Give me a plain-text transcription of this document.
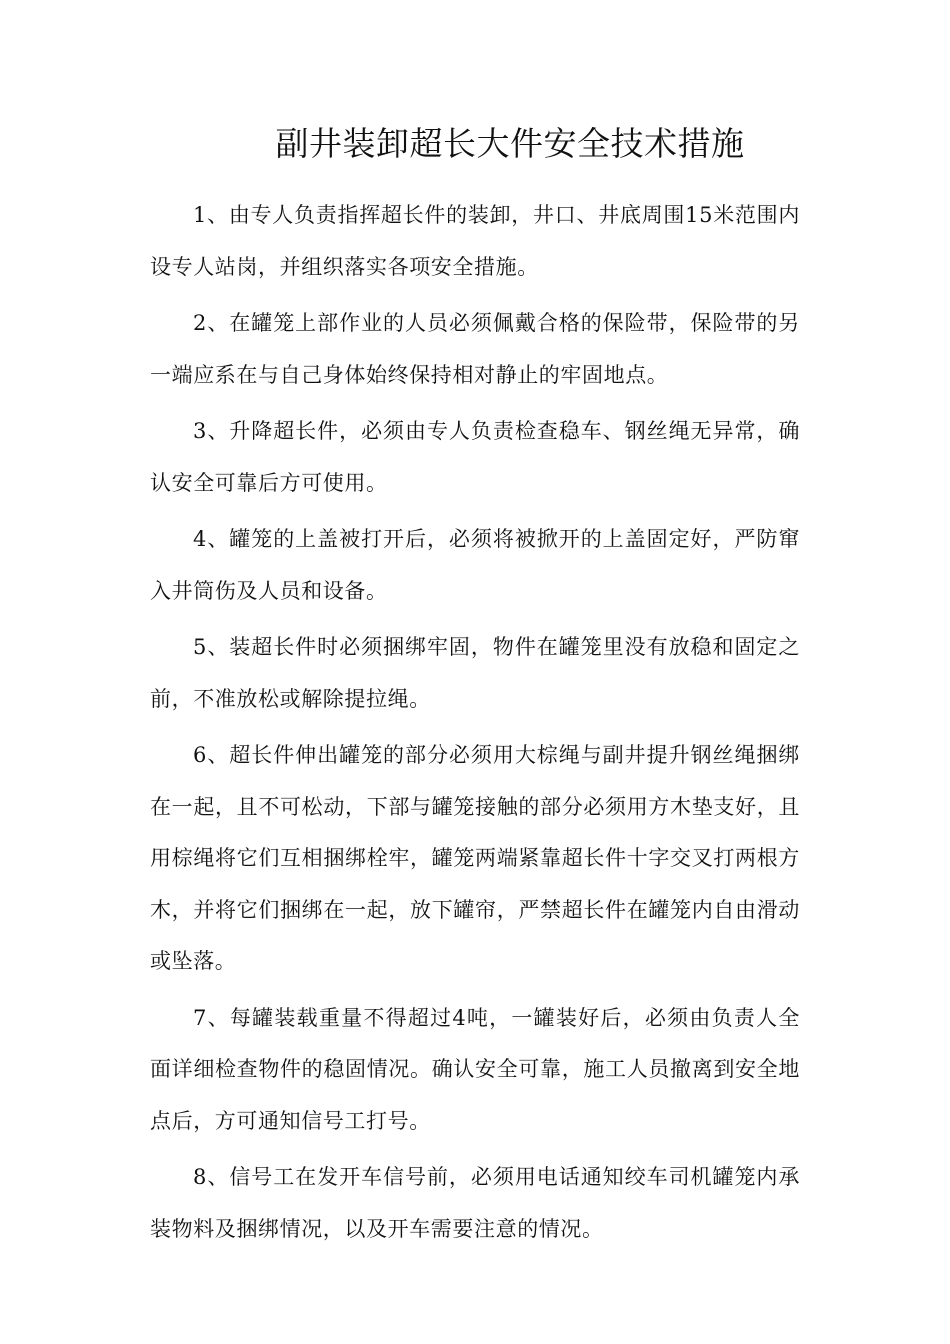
副井装卸超长大件安全技术措施

1、由专人负责指挥超长件的装卸，井口、井底周围15米范围内设专人站岗，并组织落实各项安全措施。

2、在罐笼上部作业的人员必须佩戴合格的保险带，保险带的另一端应系在与自己身体始终保持相对静止的牢固地点。

3、升降超长件，必须由专人负责检查稳车、钢丝绳无异常，确认安全可靠后方可使用。

4、罐笼的上盖被打开后，必须将被掀开的上盖固定好，严防窜入井筒伤及人员和设备。

5、装超长件时必须捆绑牢固，物件在罐笼里没有放稳和固定之前，不准放松或解除提拉绳。

6、超长件伸出罐笼的部分必须用大棕绳与副井提升钢丝绳捆绑在一起，且不可松动，下部与罐笼接触的部分必须用方木垫支好，且用棕绳将它们互相捆绑栓牢，罐笼两端紧靠超长件十字交叉打两根方木，并将它们捆绑在一起，放下罐帘，严禁超长件在罐笼内自由滑动或坠落。

7、每罐装载重量不得超过4吨，一罐装好后，必须由负责人全面详细检查物件的稳固情况。确认安全可靠，施工人员撤离到安全地点后，方可通知信号工打号。

8、信号工在发开车信号前，必须用电话通知绞车司机罐笼内承装物料及捆绑情况，以及开车需要注意的情况。
